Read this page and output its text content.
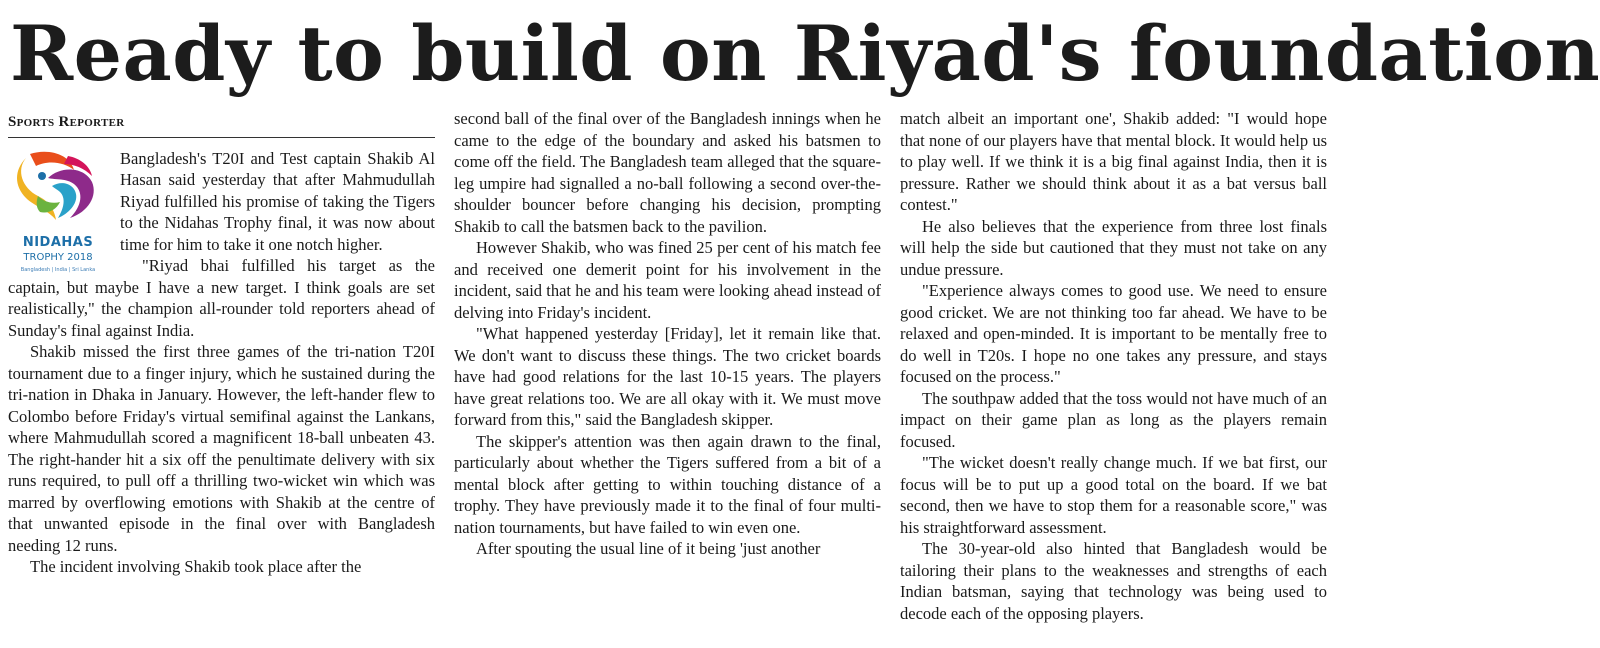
Ready to build on Riyad's foundation
Sports Reporter
NIDAHAS
TROPHY 2018
Bangladesh | India | Sri Lanka

Bangladesh's T20I and Test captain Shakib Al Hasan said yesterday that after Mahmudullah Riyad fulfilled his promise of taking the Tigers to the Nidahas Trophy final, it was now about time for him to take it one notch higher.

"Riyad bhai fulfilled his target as the captain, but maybe I have a new target. I think goals are set realistically," the champion all-rounder told reporters ahead of Sunday's final against India.

Shakib missed the first three games of the tri-nation T20I tournament due to a finger injury, which he sustained during the tri-nation in Dhaka in January. However, the left-hander flew to Colombo before Friday's virtual semifinal against the Lankans, where Mahmudullah scored a magnificent 18-ball unbeaten 43. The right-hander hit a six off the penultimate delivery with six runs required, to pull off a thrilling two-wicket win which was marred by overflowing emotions with Shakib at the centre of that unwanted episode in the final over with Bangladesh needing 12 runs.

The incident involving Shakib took place after the

second ball of the final over of the Bangladesh innings when he came to the edge of the boundary and asked his batsmen to come off the field. The Bangladesh team alleged that the square-leg umpire had signalled a no-ball following a second over-the-shoulder bouncer before changing his decision, prompting Shakib to call the batsmen back to the pavilion.

However Shakib, who was fined 25 per cent of his match fee and received one demerit point for his involvement in the incident, said that he and his team were looking ahead instead of delving into Friday's incident.

"What happened yesterday [Friday], let it remain like that. We don't want to discuss these things. The two cricket boards have had good relations for the last 10-15 years. The players have great relations too. We are all okay with it. We must move forward from this," said the Bangladesh skipper.

The skipper's attention was then again drawn to the final, particularly about whether the Tigers suffered from a bit of a mental block after getting to within touching distance of a trophy. They have previously made it to the final of four multi-nation tournaments, but have failed to win even one.

After spouting the usual line of it being 'just another

match albeit an important one', Shakib added: "I would hope that none of our players have that mental block. It would help us to play well. If we think it is a big final against India, then it is pressure. Rather we should think about it as a bat versus ball contest."

He also believes that the experience from three lost finals will help the side but cautioned that they must not take on any undue pressure.

"Experience always comes to good use. We need to ensure good cricket. We are not thinking too far ahead. We have to be relaxed and open-minded. It is important to be mentally free to do well in T20s. I hope no one takes any pressure, and stays focused on the process."

The southpaw added that the toss would not have much of an impact on their game plan as long as the players remain focused.

"The wicket doesn't really change much. If we bat first, our focus will be to put up a good total on the board. If we bat second, then we have to stop them for a reasonable score," was his straightforward assessment.

The 30-year-old also hinted that Bangladesh would be tailoring their plans to the weaknesses and strengths of each Indian batsman, saying that technology was being used to decode each of the opposing players.
